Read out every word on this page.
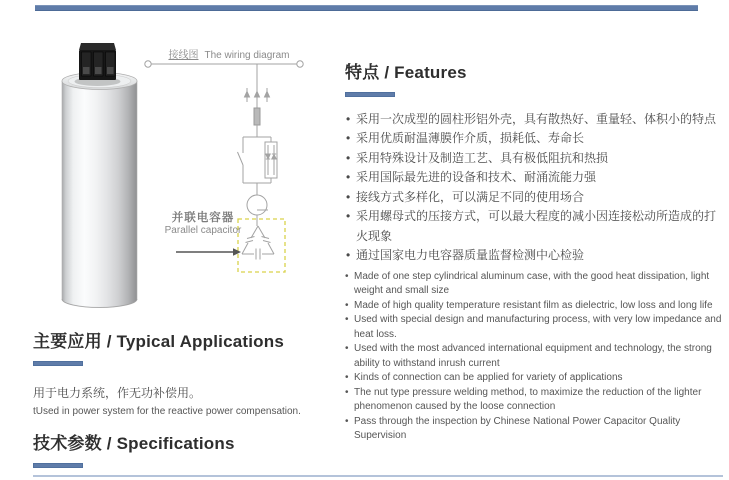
接线图 The wiring diagram
并联电容器
Parallel capacitor
特点 / Features
• 采用一次成型的圆柱形铝外壳，具有散热好、重量轻、体积小的特点
• 采用优质耐温薄膜作介质，损耗低、寿命长
• 采用特殊设计及制造工艺、具有极低阻抗和热损
• 采用国际最先进的设备和技术、耐涌流能力强
• 接线方式多样化，可以满足不同的使用场合
• 采用螺母式的压接方式，可以最大程度的减小因连接松动所造成的打火现象
• 通过国家电力电容器质量监督检测中心检验
• Made of one step cylindrical aluminum case, with the good heat dissipation, light weight and small size
• Made of high quality temperature resistant film as dielectric, low loss and long life
• Used with special design and manufacturing process, with very low impedance and heat loss.
• Used with the most advanced international equipment and technology, the strong ability to withstand inrush current
• Kinds of connection can be applied for variety of applications
• The nut type pressure welding method, to maximize the reduction of the lighter phenomenon caused by the loose connection
• Pass through the inspection by Chinese National Power Capacitor Quality Supervision
主要应用 / Typical Applications
用于电力系统，作无功补偿用。
tUsed in power system for the reactive power compensation.
技术参数 / Specifications
